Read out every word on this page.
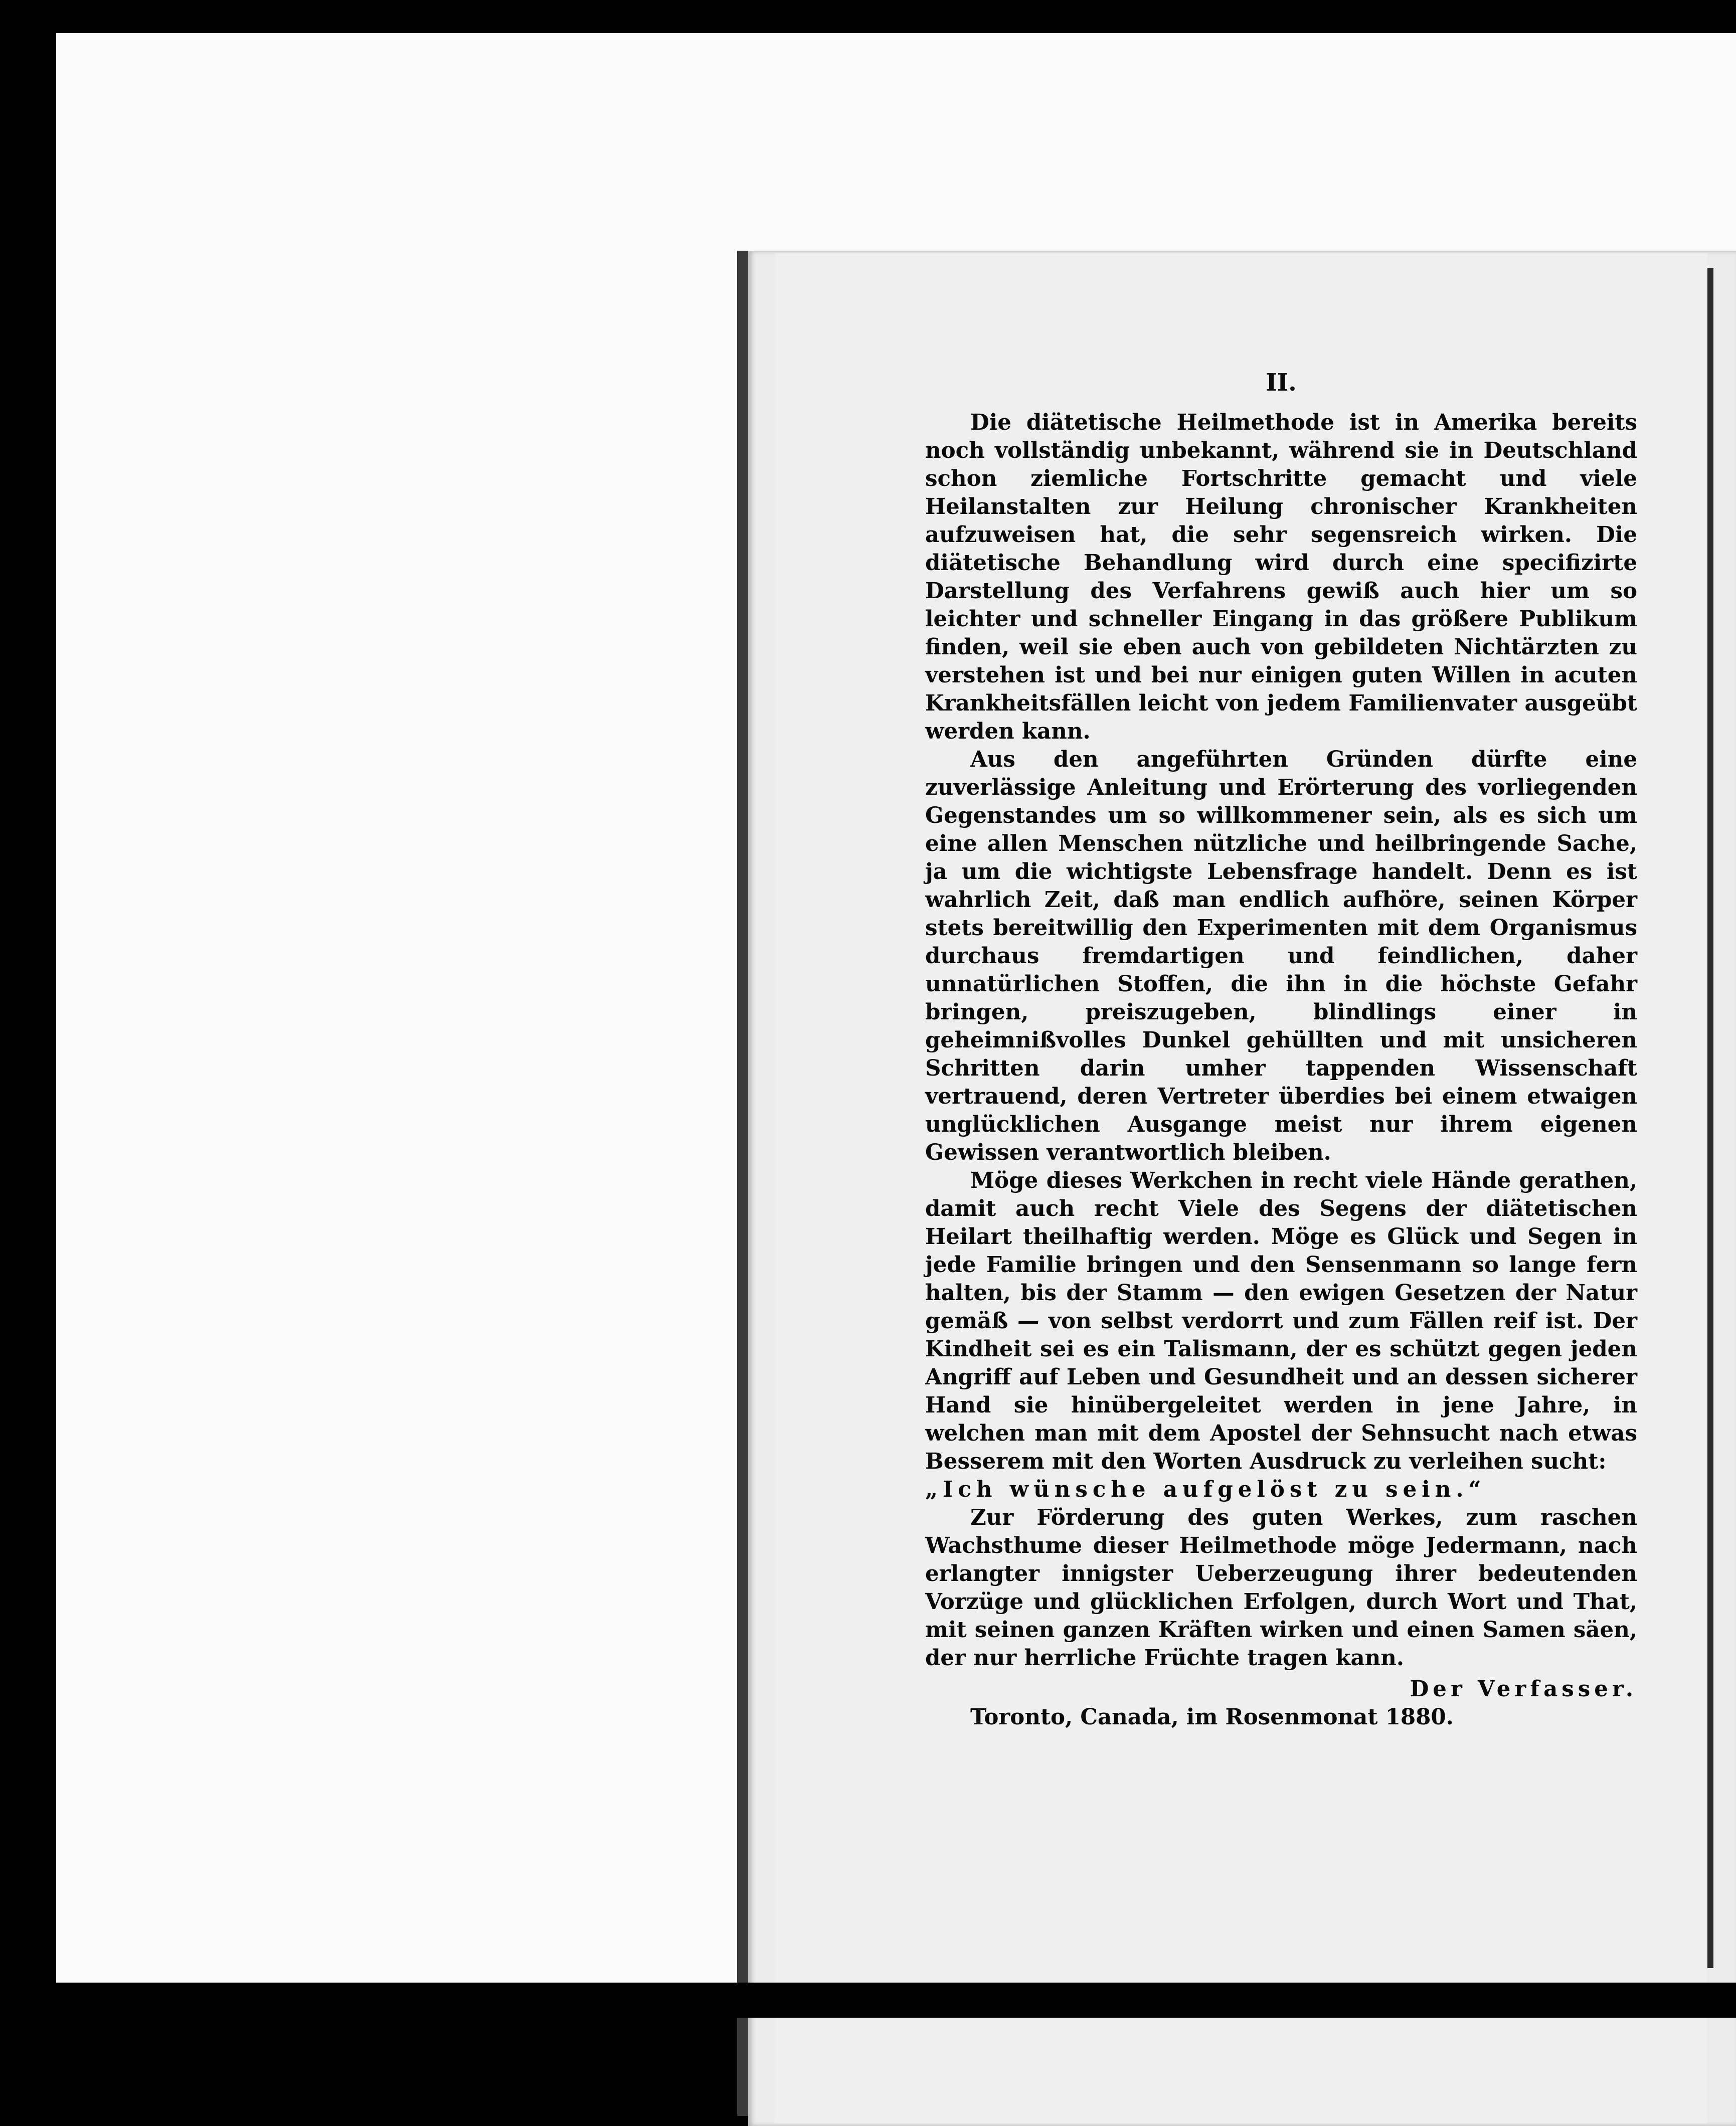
II.

Die diätetische Heilmethode ist in Amerika bereits noch vollständig unbekannt, während sie in Deutschland schon ziemliche Fortschritte gemacht und viele Heilanstalten zur Heilung chronischer Krankheiten aufzuweisen hat, die sehr segensreich wirken. Die diätetische Behandlung wird durch eine specifizirte Darstellung des Verfahrens gewiß auch hier um so leichter und schneller Eingang in das größere Publikum finden, weil sie eben auch von gebildeten Nichtärzten zu verstehen ist und bei nur einigen guten Willen in acuten Krankheitsfällen leicht von jedem Familienvater ausgeübt werden kann.

Aus den angeführten Gründen dürfte eine zuverlässige Anleitung und Erörterung des vorliegenden Gegenstandes um so willkommener sein, als es sich um eine allen Menschen nützliche und heilbringende Sache, ja um die wichtigste Lebensfrage handelt. Denn es ist wahrlich Zeit, daß man endlich aufhöre, seinen Körper stets bereitwillig den Experimenten mit dem Organismus durchaus fremdartigen und feindlichen, daher unnatürlichen Stoffen, die ihn in die höchste Gefahr bringen, preiszugeben, blindlings einer in geheimnißvolles Dunkel gehüllten und mit unsicheren Schritten darin umher tappenden Wissenschaft vertrauend, deren Vertreter überdies bei einem etwaigen unglücklichen Ausgange meist nur ihrem eigenen Gewissen verantwortlich bleiben.

Möge dieses Werkchen in recht viele Hände gerathen, damit auch recht Viele des Segens der diätetischen Heilart theilhaftig werden. Möge es Glück und Segen in jede Familie bringen und den Sensenmann so lange fern halten, bis der Stamm — den ewigen Gesetzen der Natur gemäß — von selbst verdorrt und zum Fällen reif ist. Der Kindheit sei es ein Talismann, der es schützt gegen jeden Angriff auf Leben und Gesundheit und an dessen sicherer Hand sie hinübergeleitet werden in jene Jahre, in welchen man mit dem Apostel der Sehnsucht nach etwas Besserem mit den Worten Ausdruck zu verleihen sucht:

„Ich wünsche aufgelöst zu sein.“

Zur Förderung des guten Werkes, zum raschen Wachsthume dieser Heilmethode möge Jedermann, nach erlangter innigster Ueberzeugung ihrer bedeutenden Vorzüge und glücklichen Erfolgen, durch Wort und That, mit seinen ganzen Kräften wirken und einen Samen säen, der nur herrliche Früchte tragen kann.

Der Verfasser.

Toronto, Canada, im Rosenmonat 1880.
